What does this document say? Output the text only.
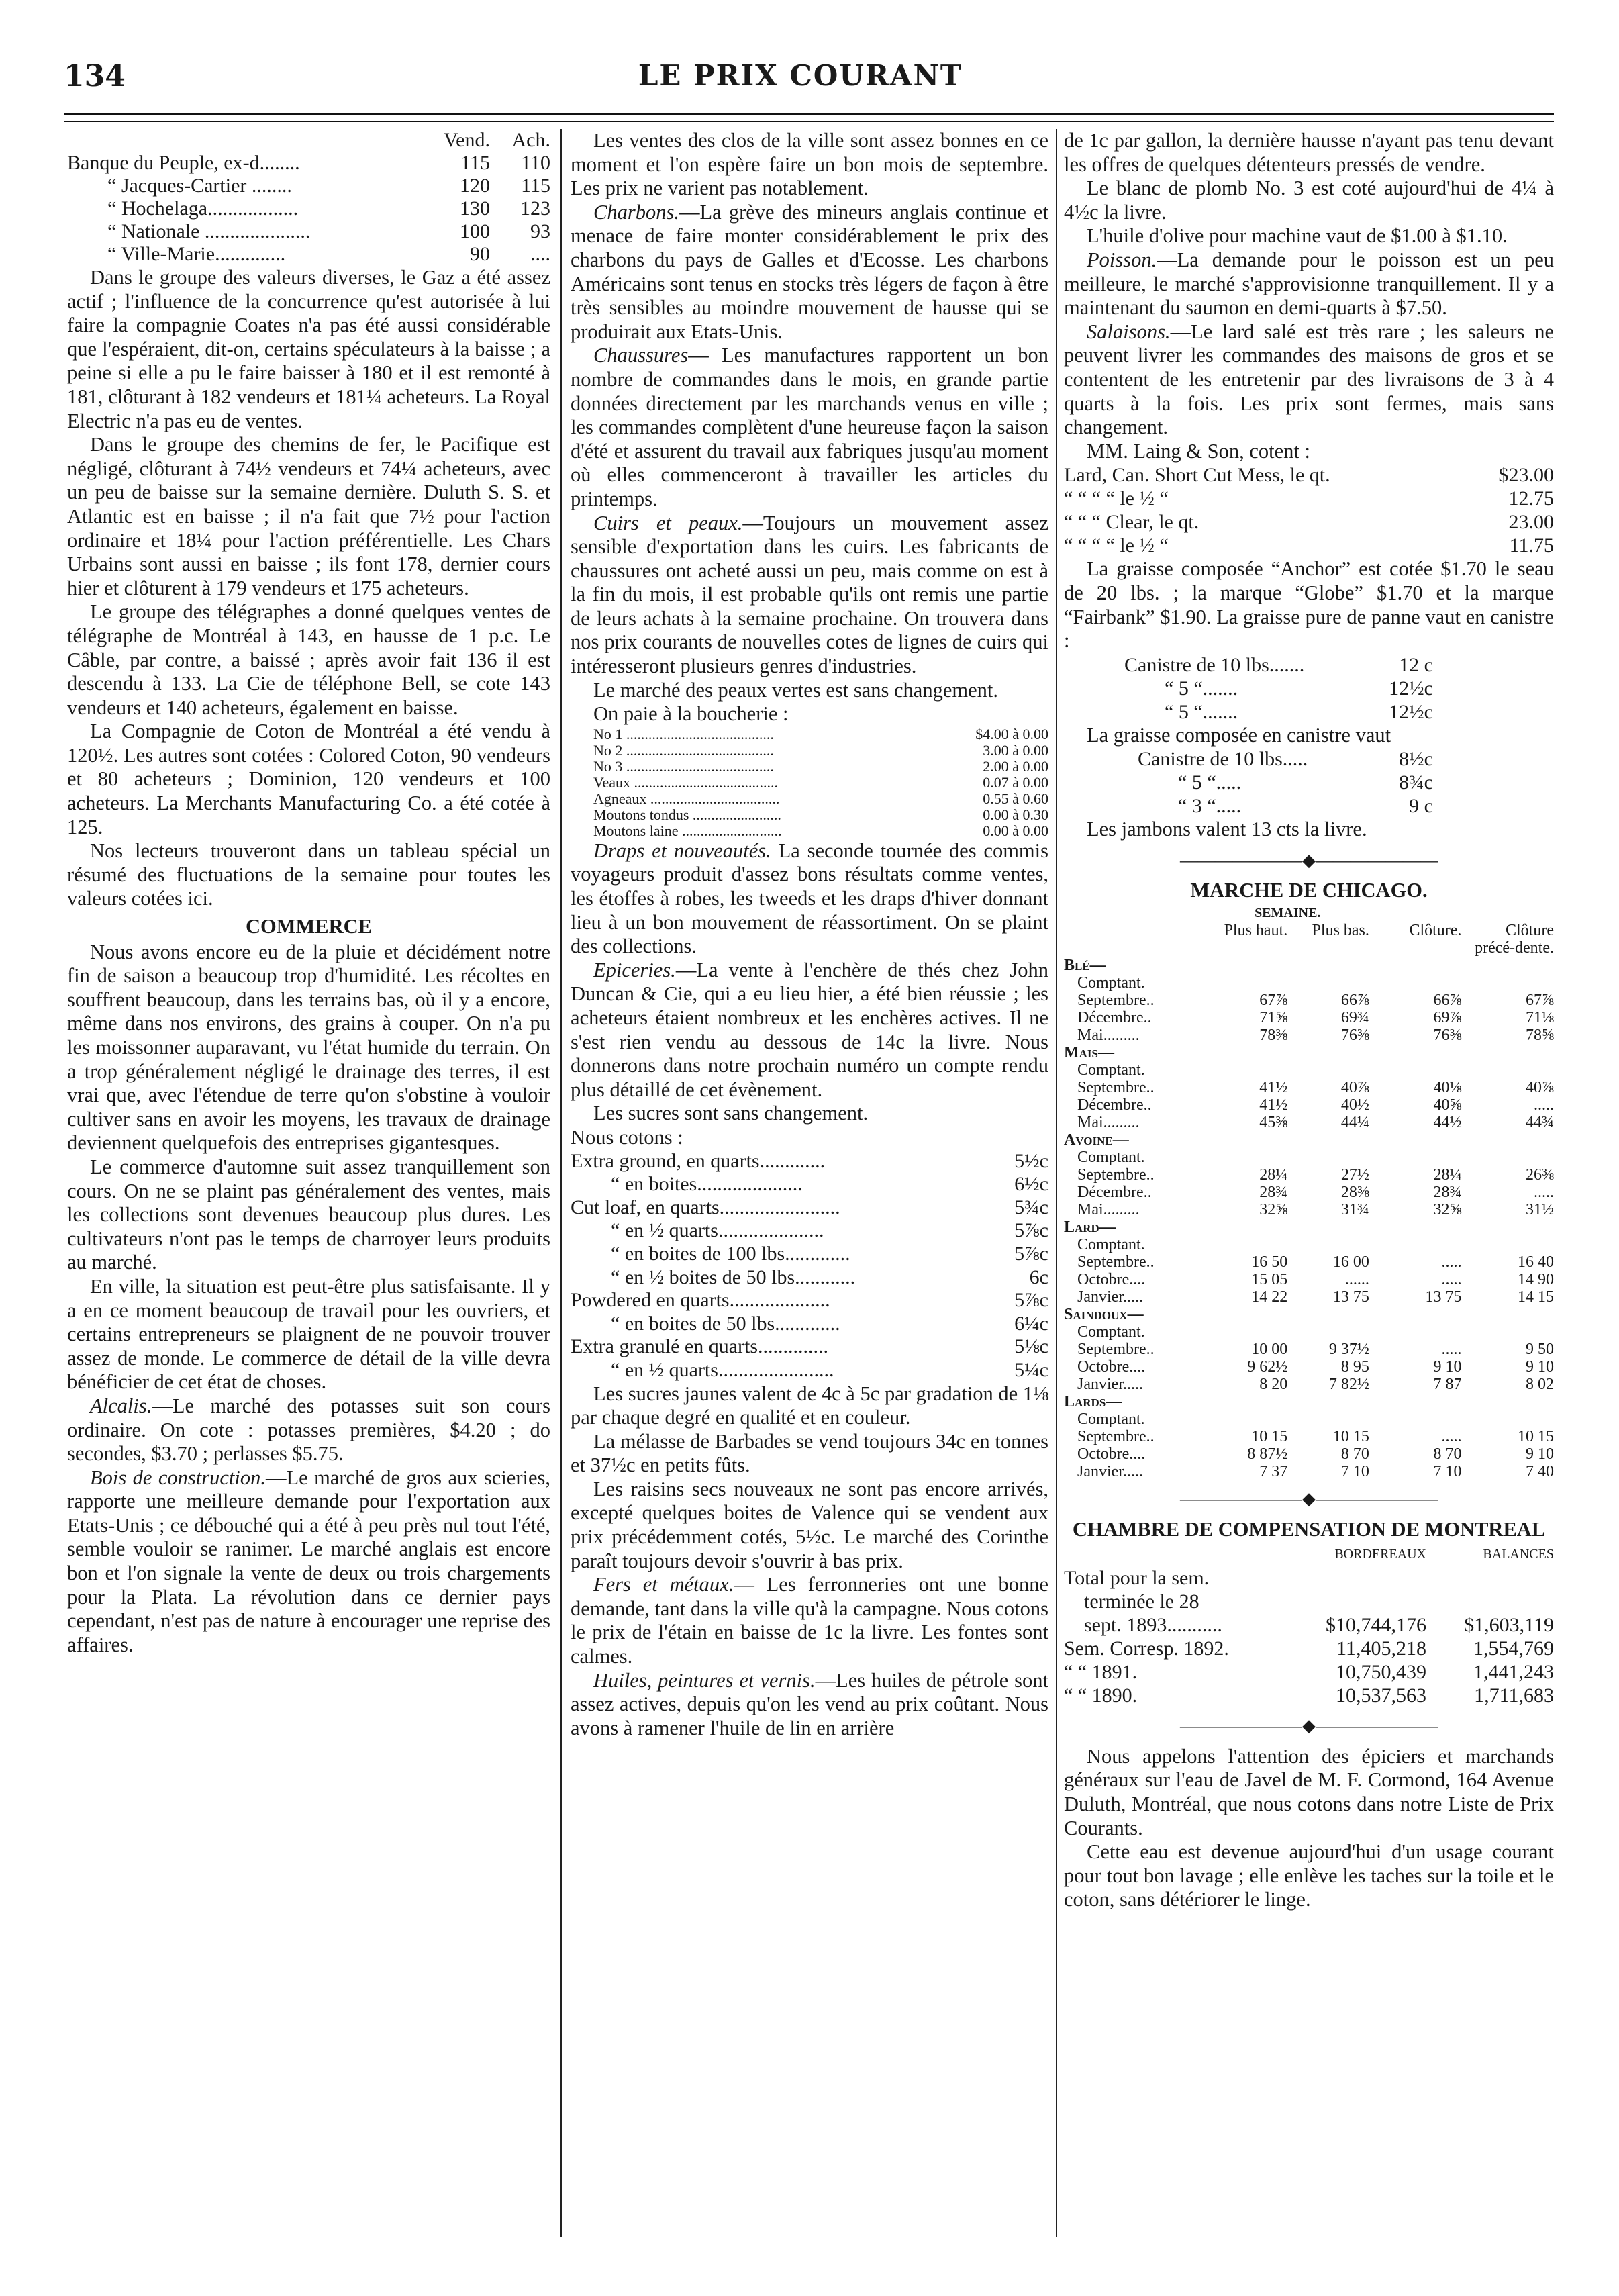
134	LE PRIX COURANT
	Vend.	Ach.
Banque du Peuple, ex-d........	115	110
“ Jacques-Cartier ........	120	115
“ Hochelaga..................	130	123
“ Nationale .....................	100	93
“ Ville-Marie..............	90	....

Dans le groupe des valeurs diverses, le Gaz a été assez actif ; l'influence de la concurrence qu'est autorisée à lui faire la compagnie Coates n'a pas été aussi considérable que l'espéraient, dit-on, certains spéculateurs à la baisse ; a peine si elle a pu le faire baisser à 180 et il est remonté à 181, clôturant à 182 vendeurs et 181¼ acheteurs. La Royal Electric n'a pas eu de ventes.

Dans le groupe des chemins de fer, le Pacifique est négligé, clôturant à 74½ vendeurs et 74¼ acheteurs, avec un peu de baisse sur la semaine dernière. Duluth S. S. et Atlantic est en baisse ; il n'a fait que 7½ pour l'action ordinaire et 18¼ pour l'action préférentielle. Les Chars Urbains sont aussi en baisse ; ils font 178, dernier cours hier et clôturent à 179 vendeurs et 175 acheteurs.

Le groupe des télégraphes a donné quelques ventes de télégraphe de Montréal à 143, en hausse de 1 p.c. Le Câble, par contre, a baissé ; après avoir fait 136 il est descendu à 133. La Cie de téléphone Bell, se cote 143 vendeurs et 140 acheteurs, également en baisse.

La Compagnie de Coton de Montréal a été vendu à 120½. Les autres sont cotées : Colored Coton, 90 vendeurs et 80 acheteurs ; Dominion, 120 vendeurs et 100 acheteurs. La Merchants Manufacturing Co. a été cotée à 125.

Nos lecteurs trouveront dans un tableau spécial un résumé des fluctuations de la semaine pour toutes les valeurs cotées ici.

COMMERCE

Nous avons encore eu de la pluie et décidément notre fin de saison a beaucoup trop d'humidité. Les récoltes en souffrent beaucoup, dans les terrains bas, où il y a encore, même dans nos environs, des grains à couper. On n'a pu les moissonner auparavant, vu l'état humide du terrain. On a trop généralement négligé le drainage des terres, il est vrai que, avec l'étendue de terre qu'on s'obstine à vouloir cultiver sans en avoir les moyens, les travaux de drainage deviennent quelquefois des entreprises gigantesques.

Le commerce d'automne suit assez tranquillement son cours. On ne se plaint pas généralement des ventes, mais les collections sont devenues beaucoup plus dures. Les cultivateurs n'ont pas le temps de charroyer leurs produits au marché.

En ville, la situation est peut-être plus satisfaisante. Il y a en ce moment beaucoup de travail pour les ouvriers, et certains entrepreneurs se plaignent de ne pouvoir trouver assez de monde. Le commerce de détail de la ville devra bénéficier de cet état de choses.

Alcalis.—Le marché des potasses suit son cours ordinaire. On cote : potasses premières, $4.20 ; do secondes, $3.70 ; perlasses $5.75.

Bois de construction.—Le marché de gros aux scieries, rapporte une meilleure demande pour l'exportation aux Etats-Unis ; ce débouché qui a été à peu près nul tout l'été, semble vouloir se ranimer. Le marché anglais est encore bon et l'on signale la vente de deux ou trois chargements pour la Plata. La révolution dans ce dernier pays cependant, n'est pas de nature à encourager une reprise des affaires.

Les ventes des clos de la ville sont assez bonnes en ce moment et l'on espère faire un bon mois de septembre. Les prix ne varient pas notablement.

Charbons.—La grève des mineurs anglais continue et menace de faire monter considérablement le prix des charbons du pays de Galles et d'Ecosse. Les charbons Américains sont tenus en stocks très légers de façon à être très sensibles au moindre mouvement de hausse qui se produirait aux Etats-Unis.

Chaussures— Les manufactures rapportent un bon nombre de commandes dans le mois, en grande partie données directement par les marchands venus en ville ; les commandes complètent d'une heureuse façon la saison d'été et assurent du travail aux fabriques jusqu'au moment où elles commenceront à travailler les articles du printemps.

Cuirs et peaux.—Toujours un mouvement assez sensible d'exportation dans les cuirs. Les fabricants de chaussures ont acheté aussi un peu, mais comme on est à la fin du mois, il est probable qu'ils ont remis une partie de leurs achats à la semaine prochaine. On trouvera dans nos prix courants de nouvelles cotes de lignes de cuirs qui intéresseront plusieurs genres d'industries.

Le marché des peaux vertes est sans changement.

On paie à la boucherie :

No 1 ........................................	$4.00 à 0.00
No 2 ........................................	3.00 à 0.00
No 3 ........................................	2.00 à 0.00
Veaux .......................................	0.07 à 0.00
Agneaux ...................................	0.55 à 0.60
Moutons tondus ........................	0.00 à 0.30
Moutons laine ...........................	0.00 à 0.00

Draps et nouveautés. La seconde tournée des commis voyageurs produit d'assez bons résultats comme ventes, les étoffes à robes, les tweeds et les draps d'hiver donnant lieu à un bon mouvement de réassortiment. On se plaint des collections.

Epiceries.—La vente à l'enchère de thés chez John Duncan & Cie, qui a eu lieu hier, a été bien réussie ; les acheteurs étaient nombreux et les enchères actives. Il ne s'est rien vendu au dessous de 14c la livre. Nous donnerons dans notre prochain numéro un compte rendu plus détaillé de cet évènement.

Les sucres sont sans changement.

Nous cotons :

Extra ground, en quarts.............	5½c
“ en boites.....................	6½c
Cut loaf, en quarts........................	5¾c
“ en ½ quarts.....................	5⅞c
“ en boites de 100 lbs.............	5⅞c
“ en ½ boites de 50 lbs............	6c
Powdered en quarts....................	5⅞c
“ en boites de 50 lbs.............	6¼c
Extra granulé en quarts..............	5⅛c
“ en ½ quarts.......................	5¼c

Les sucres jaunes valent de 4c à 5c par gradation de 1⅛ par chaque degré en qualité et en couleur.

La mélasse de Barbades se vend toujours 34c en tonnes et 37½c en petits fûts.

Les raisins secs nouveaux ne sont pas encore arrivés, excepté quelques boites de Valence qui se vendent aux prix précédemment cotés, 5½c. Le marché des Corinthe paraît toujours devoir s'ouvrir à bas prix.

Fers et métaux.— Les ferronneries ont une bonne demande, tant dans la ville qu'à la campagne. Nous cotons le prix de l'étain en baisse de 1c la livre. Les fontes sont calmes.

Huiles, peintures et vernis.—Les huiles de pétrole sont assez actives, depuis qu'on les vend au prix coûtant. Nous avons à ramener l'huile de lin en arrière

de 1c par gallon, la dernière hausse n'ayant pas tenu devant les offres de quelques détenteurs pressés de vendre.

Le blanc de plomb No. 3 est coté aujourd'hui de 4¼ à 4½c la livre.

L'huile d'olive pour machine vaut de $1.00 à $1.10.

Poisson.—La demande pour le poisson est un peu meilleure, le marché s'approvisionne tranquillement. Il y a maintenant du saumon en demi-quarts à $7.50.

Salaisons.—Le lard salé est très rare ; les saleurs ne peuvent livrer les commandes des maisons de gros et se contentent de les entretenir par des livraisons de 3 à 4 quarts à la fois. Les prix sont fermes, mais sans changement.

MM. Laing & Son, cotent :

Lard, Can. Short Cut Mess, le qt.	$23.00
“ “ “ “ le ½ “	12.75
“ “ “ Clear, le qt.	23.00
“ “ “ “ le ½ “	11.75

La graisse composée “Anchor” est cotée $1.70 le seau de 20 lbs. ; la marque “Globe” $1.70 et la marque “Fairbank” $1.90. La graisse pure de panne vaut en canistre :

Canistre de 10 lbs.......	12 c
“ 5 “.......	12½c
“ 5 “.......	12½c

La graisse composée en canistre vaut

Canistre de 10 lbs.....	8½c
“ 5 “.....	8¾c
“ 3 “.....	9 c

Les jambons valent 13 cts la livre.

———————◆———————
MARCHE DE CHICAGO.
	SEMAINE.			
	Plus haut.	Plus bas.	Clôture.	Clôture précé-dente.
Blé—				
Comptant.				
Septembre..	67⅞	66⅞	66⅞	67⅞
Décembre..	71⅝	69¾	69⅞	71⅛
Mai.........	78⅜	76⅜	76⅜	78⅝
Mais—				
Comptant.				
Septembre..	41½	40⅞	40⅛	40⅞
Décembre..	41½	40½	40⅝	.....
Mai.........	45⅜	44¼	44½	44¾
Avoine—				
Comptant.				
Septembre..	28¼	27½	28¼	26⅜
Décembre..	28¾	28⅜	28¾	.....
Mai.........	32⅝	31¾	32⅝	31½
Lard—				
Comptant.				
Septembre..	16 50	16 00	.....	16 40
Octobre....	15 05	......	.....	14 90
Janvier.....	14 22	13 75	13 75	14 15
Saindoux—				
Comptant.				
Septembre..	10 00	9 37½	.....	9 50
Octobre....	9 62½	8 95	9 10	9 10
Janvier.....	8 20	7 82½	7 87	8 02
Lards—				
Comptant.				
Septembre..	10 15	10 15	.....	10 15
Octobre....	8 87½	8 70	8 70	9 10
Janvier.....	7 37	7 10	7 10	7 40
———————◆———————
CHAMBRE DE COMPENSATION DE MONTREAL
	BORDEREAUX	BALANCES
Total pour la sem.		
terminée le 28		
sept. 1893...........	$10,744,176	$1,603,119
Sem. Corresp. 1892.	11,405,218	1,554,769
“ “ 1891.	10,750,439	1,441,243
“ “ 1890.	10,537,563	1,711,683
———————◆———————

Nous appelons l'attention des épiciers et marchands généraux sur l'eau de Javel de M. F. Cormond, 164 Avenue Duluth, Montréal, que nous cotons dans notre Liste de Prix Courants.

Cette eau est devenue aujourd'hui d'un usage courant pour tout bon lavage ; elle enlève les taches sur la toile et le coton, sans détériorer le linge.
